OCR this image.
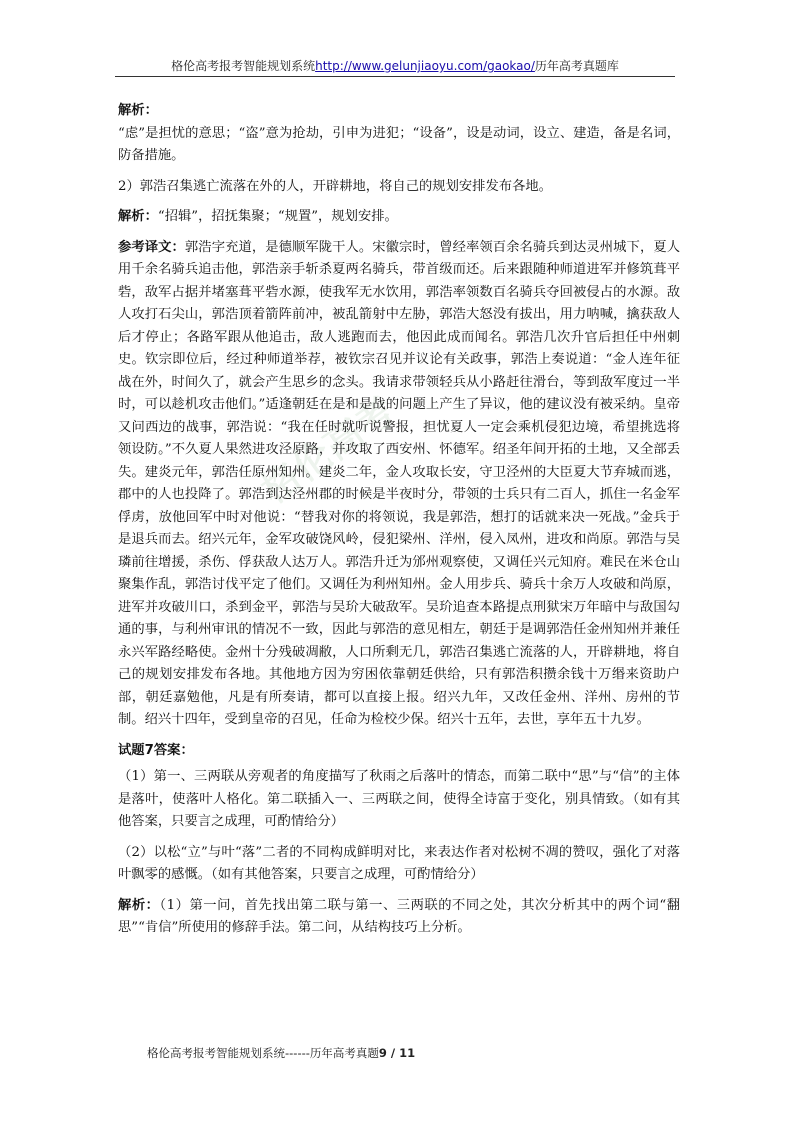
格伦高考报考智能规划系统http://www.gelunjiaoyu.com/gaokao/历年高考真题库
格伦高考

解析：

“虑”是担忧的意思；“盗”意为抢劫，引申为进犯；“设备”，设是动词，设立、建造，备是名词，防备措施。

2）郭浩召集逃亡流落在外的人，开辟耕地，将自己的规划安排发布各地。

解析：“招辑”，招抚集聚；“规置”，规划安排。

参考译文：郭浩字充道，是德顺军陇干人。宋徽宗时，曾经率领百余名骑兵到达灵州城下，夏人用千余名骑兵追击他，郭浩亲手斩杀夏两名骑兵，带首级而还。后来跟随种师道进军并修筑葺平砦，敌军占据并堵塞葺平砦水源，使我军无水饮用，郭浩率领数百名骑兵夺回被侵占的水源。敌人攻打石尖山，郭浩顶着箭阵前冲，被乱箭射中左胁，郭浩大怒没有拔出，用力呐喊，擒获敌人后才停止；各路军跟从他追击，敌人逃跑而去，他因此成而闻名。郭浩几次升官后担任中州刺史。钦宗即位后，经过种师道举荐，被钦宗召见并议论有关政事，郭浩上奏说道：“金人连年征战在外，时间久了，就会产生思乡的念头。我请求带领轻兵从小路赶往滑台，等到敌军度过一半时，可以趁机攻击他们。”适逢朝廷在是和是战的问题上产生了异议，他的建议没有被采纳。皇帝又问西边的战事，郭浩说：“我在任时就听说警报，担忧夏人一定会乘机侵犯边境，希望挑选将领设防。”不久夏人果然进攻泾原路，并攻取了西安州、怀德军。绍圣年间开拓的土地，又全部丢失。建炎元年，郭浩任原州知州。建炎二年，金人攻取长安，守卫泾州的大臣夏大节弃城而逃，郡中的人也投降了。郭浩到达泾州郡的时候是半夜时分，带领的士兵只有二百人，抓住一名金军俘虏，放他回军中时对他说：“替我对你的将领说，我是郭浩，想打的话就来决一死战。”金兵于是退兵而去。绍兴元年，金军攻破饶风岭，侵犯梁州、洋州，侵入凤州，进攻和尚原。郭浩与吴璘前往增援，杀伤、俘获敌人达万人。郭浩升迁为邠州观察使，又调任兴元知府。难民在米仓山聚集作乱，郭浩讨伐平定了他们。又调任为利州知州。金人用步兵、骑兵十余万人攻破和尚原，进军并攻破川口，杀到金平，郭浩与吴玠大破敌军。吴玠追查本路提点刑狱宋万年暗中与敌国勾通的事，与利州审讯的情况不一致，因此与郭浩的意见相左，朝廷于是调郭浩任金州知州并兼任永兴军路经略使。金州十分残破凋敝，人口所剩无几，郭浩召集逃亡流落的人，开辟耕地，将自己的规划安排发布各地。其他地方因为穷困依靠朝廷供给，只有郭浩积攒余钱十万缗来资助户部，朝廷嘉勉他，凡是有所奏请，都可以直接上报。绍兴九年，又改任金州、洋州、房州的节制。绍兴十四年，受到皇帝的召见，任命为检校少保。绍兴十五年，去世，享年五十九岁。

试题7答案：

（1）第一、三两联从旁观者的角度描写了秋雨之后落叶的情态，而第二联中“思”与“信”的主体是落叶，使落叶人格化。第二联插入一、三两联之间，使得全诗富于变化，别具情致。（如有其他答案，只要言之成理，可酌情给分）

（2）以松“立”与叶“落”二者的不同构成鲜明对比，来表达作者对松树不凋的赞叹，强化了对落叶飘零的感慨。（如有其他答案，只要言之成理，可酌情给分）

解析：（1）第一问，首先找出第二联与第一、三两联的不同之处，其次分析其中的两个词“翻思”“肯信”所使用的修辞手法。第二问，从结构技巧上分析。

格伦高考报考智能规划系统------历年高考真题9 / 11
